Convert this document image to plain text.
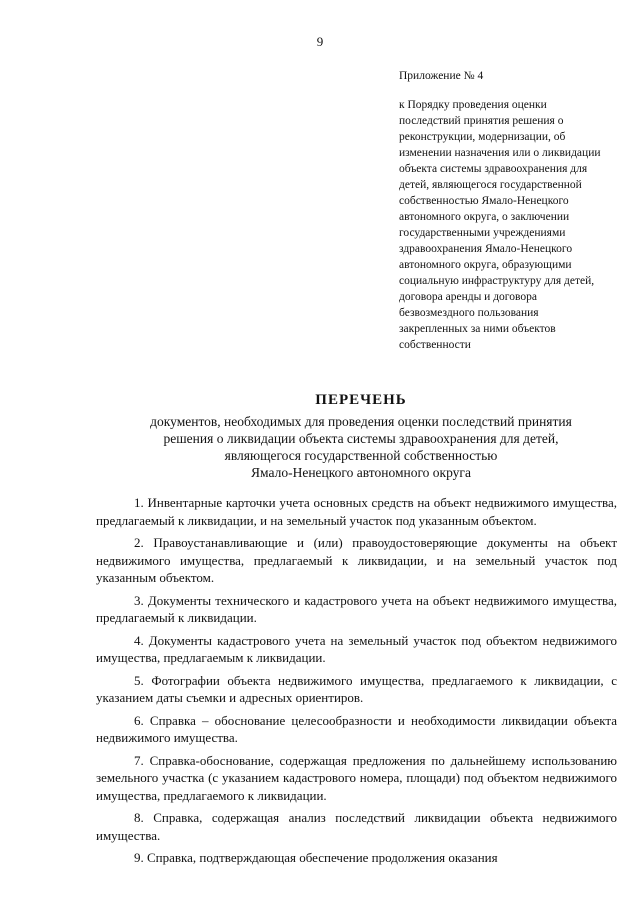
9

Приложение № 4

к Порядку проведения оценки последствий принятия решения о реконструкции, модернизации, об изменении назначения или о ликвидации объекта системы здравоохранения для детей, являющегося государственной собственностью Ямало-Ненецкого автономного округа, о заключении государственными учреждениями здравоохранения Ямало-Ненецкого автономного округа, образующими социальную инфраструктуру для детей, договора аренды и договора безвозмездного пользования закрепленных за ними объектов собственности

ПЕРЕЧЕНЬ

документов, необходимых для проведения оценки последствий принятия

решения о ликвидации объекта системы здравоохранения для детей,

являющегося государственной собственностью

Ямало-Ненецкого автономного округа

1. Инвентарные карточки учета основных средств на объект недвижимого имущества, предлагаемый к ликвидации, и на земельный участок под указанным объектом.

2. Правоустанавливающие и (или) правоудостоверяющие документы на объект недвижимого имущества, предлагаемый к ликвидации, и на земельный участок под указанным объектом.

3. Документы технического и кадастрового учета на объект недвижимого имущества, предлагаемый к ликвидации.

4. Документы кадастрового учета на земельный участок под объектом недвижимого имущества, предлагаемым к ликвидации.

5. Фотографии объекта недвижимого имущества, предлагаемого к ликвидации, с указанием даты съемки и адресных ориентиров.

6. Справка – обоснование целесообразности и необходимости ликвидации объекта недвижимого имущества.

7. Справка-обоснование, содержащая предложения по дальнейшему использованию земельного участка (с указанием кадастрового номера, площади) под объектом недвижимого имущества, предлагаемого к ликвидации.

8. Справка, содержащая анализ последствий ликвидации объекта недвижимого имущества.

9. Справка, подтверждающая обеспечение продолжения оказания
